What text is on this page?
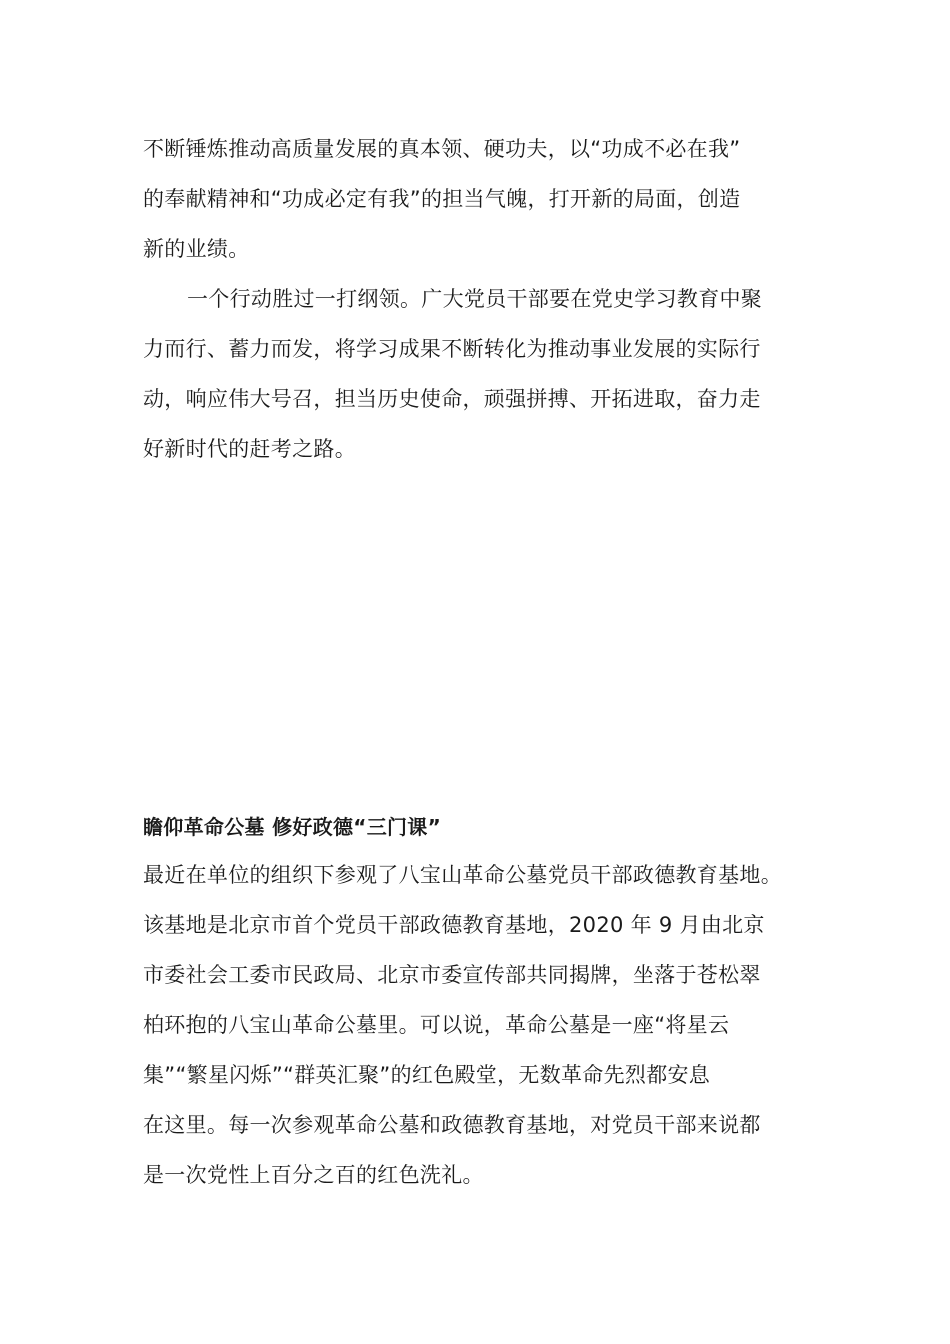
不断锤炼推动高质量发展的真本领、硬功夫，以“功成不必在我”
的奉献精神和“功成必定有我”的担当气魄，打开新的局面，创造
新的业绩。
一个行动胜过一打纲领。广大党员干部要在党史学习教育中聚
力而行、蓄力而发，将学习成果不断转化为推动事业发展的实际行
动，响应伟大号召，担当历史使命，顽强拼搏、开拓进取，奋力走
好新时代的赶考之路。
瞻仰革命公墓 修好政德“三门课”
最近在单位的组织下参观了八宝山革命公墓党员干部政德教育基地。
该基地是北京市首个党员干部政德教育基地，2020 年 9 月由北京
市委社会工委市民政局、北京市委宣传部共同揭牌，坐落于苍松翠
柏环抱的八宝山革命公墓里。可以说，革命公墓是一座“将星云
集”“繁星闪烁”“群英汇聚”的红色殿堂，无数革命先烈都安息
在这里。每一次参观革命公墓和政德教育基地，对党员干部来说都
是一次党性上百分之百的红色洗礼。
